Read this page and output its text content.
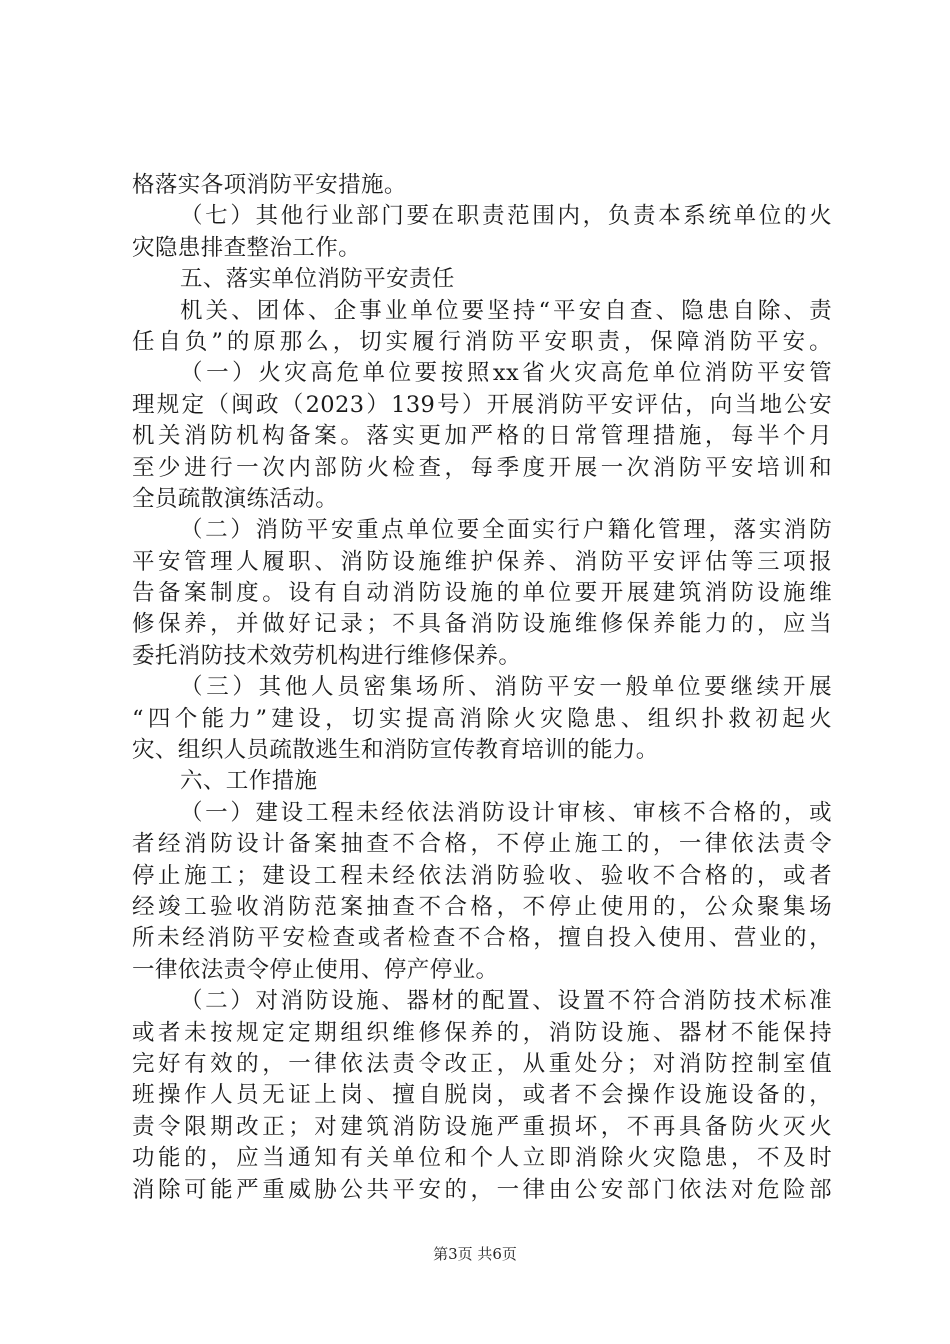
格落实各项消防平安措施。
（七）其他行业部门要在职责范围内，负责本系统单位的火
灾隐患排查整治工作。
五、落实单位消防平安责任
机关、团体、企事业单位要坚持“平安自查、隐患自除、责
任自负”的原那么，切实履行消防平安职责，保障消防平安。
（一）火灾高危单位要按照xx省火灾高危单位消防平安管
理规定（闽政（2023）139号）开展消防平安评估，向当地公安
机关消防机构备案。落实更加严格的日常管理措施，每半个月
至少进行一次内部防火检查，每季度开展一次消防平安培训和
全员疏散演练活动。
（二）消防平安重点单位要全面实行户籍化管理，落实消防
平安管理人履职、消防设施维护保养、消防平安评估等三项报
告备案制度。设有自动消防设施的单位要开展建筑消防设施维
修保养，并做好记录；不具备消防设施维修保养能力的，应当
委托消防技术效劳机构进行维修保养。
（三）其他人员密集场所、消防平安一般单位要继续开展
“四个能力”建设，切实提高消除火灾隐患、组织扑救初起火
灾、组织人员疏散逃生和消防宣传教育培训的能力。
六、工作措施
（一）建设工程未经依法消防设计审核、审核不合格的，或
者经消防设计备案抽查不合格，不停止施工的，一律依法责令
停止施工；建设工程未经依法消防验收、验收不合格的，或者
经竣工验收消防范案抽查不合格，不停止使用的，公众聚集场
所未经消防平安检查或者检查不合格，擅自投入使用、营业的，
一律依法责令停止使用、停产停业。
（二）对消防设施、器材的配置、设置不符合消防技术标准
或者未按规定定期组织维修保养的，消防设施、器材不能保持
完好有效的，一律依法责令改正，从重处分；对消防控制室值
班操作人员无证上岗、擅自脱岗，或者不会操作设施设备的，
责令限期改正；对建筑消防设施严重损坏，不再具备防火灭火
功能的，应当通知有关单位和个人立即消除火灾隐患，不及时
消除可能严重威胁公共平安的，一律由公安部门依法对危险部
第3页 共6页
